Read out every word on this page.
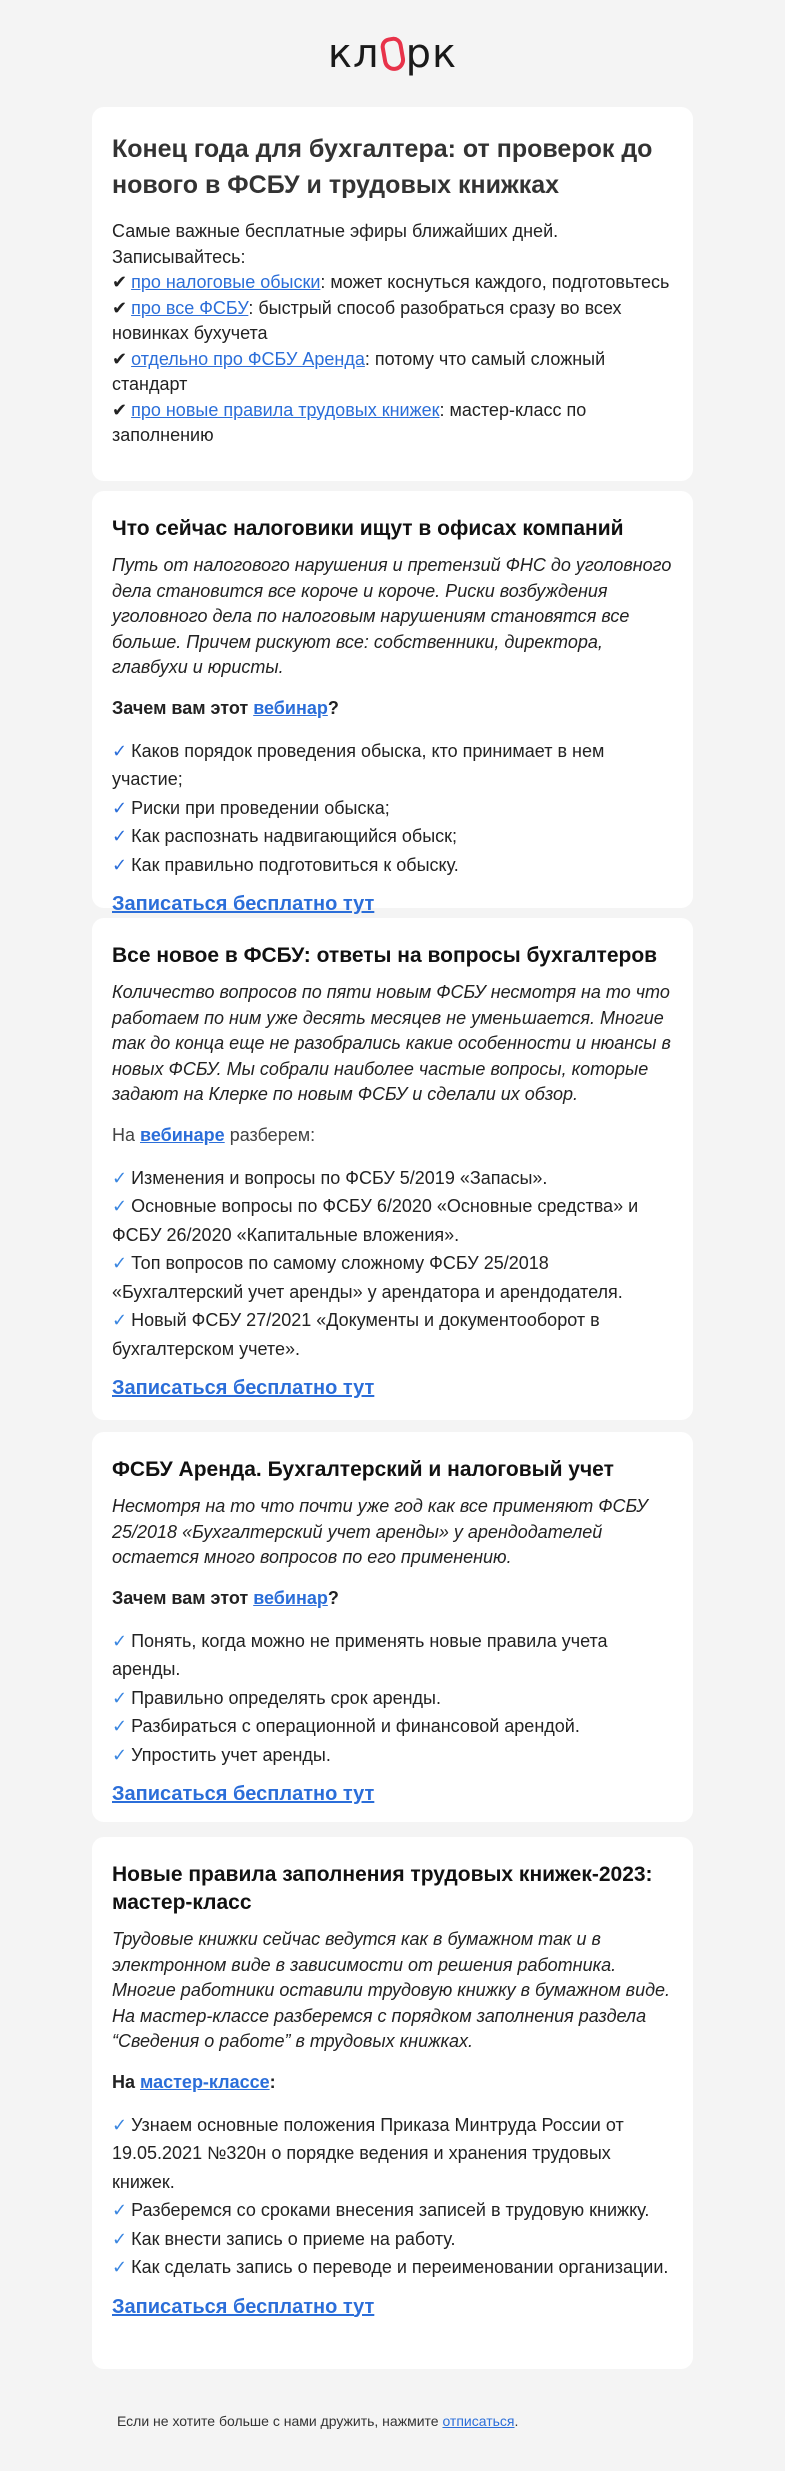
кл рк
Конец года для бухгалтера: от проверок до нового в ФСБУ и трудовых книжках
Самые важные бесплатные эфиры ближайших дней. Записывайтесь:
✔ про налоговые обыски: может коснуться каждого, подготовьтесь
✔ про все ФСБУ: быстрый способ разобраться сразу во всех новинках бухучета
✔ отдельно про ФСБУ Аренда: потому что самый сложный стандарт
✔ про новые правила трудовых книжек: мастер-класс по заполнению
Что сейчас налоговики ищут в офисах компаний
Путь от налогового нарушения и претензий ФНС до уголовного дела становится все короче и короче. Риски возбуждения уголовного дела по налоговым нарушениям становятся все больше. Причем рискуют все: собственники, директора, главбухи и юристы.
Зачем вам этот вебинар?
✓ Каков порядок проведения обыска, кто принимает в нем участие;
✓ Риски при проведении обыска;
✓ Как распознать надвигающийся обыск;
✓ Как правильно подготовиться к обыску.
Записаться бесплатно тут
Все новое в ФСБУ: ответы на вопросы бухгалтеров
Количество вопросов по пяти новым ФСБУ несмотря на то что работаем по ним уже десять месяцев не уменьшается. Многие так до конца еще не разобрались какие особенности и нюансы в новых ФСБУ. Мы собрали наиболее частые вопросы, которые задают на Клерке по новым ФСБУ и сделали их обзор.
На вебинаре разберем:
✓ Изменения и вопросы по ФСБУ 5/2019 «Запасы».
✓ Основные вопросы по ФСБУ 6/2020 «Основные средства» и ФСБУ 26/2020 «Капитальные вложения».
✓ Топ вопросов по самому сложному ФСБУ 25/2018 «Бухгалтерский учет аренды» у арендатора и арендодателя.
✓ Новый ФСБУ 27/2021 «Документы и документооборот в бухгалтерском учете».
Записаться бесплатно тут
ФСБУ Аренда. Бухгалтерский и налоговый учет
Несмотря на то что почти уже год как все применяют ФСБУ 25/2018 «Бухгалтерский учет аренды» у арендодателей остается много вопросов по его применению.
Зачем вам этот вебинар?
✓ Понять, когда можно не применять новые правила учета аренды.
✓ Правильно определять срок аренды.
✓ Разбираться с операционной и финансовой арендой.
✓ Упростить учет аренды.
Записаться бесплатно тут
Новые правила заполнения трудовых книжек-2023: мастер-класс
Трудовые книжки сейчас ведутся как в бумажном так и в электронном виде в зависимости от решения работника. Многие работники оставили трудовую книжку в бумажном виде. На мастер-классе разберемся с порядком заполнения раздела “Сведения о работе” в трудовых книжках.
На мастер-классе:
✓ Узнаем основные положения Приказа Минтруда России от 19.05.2021 №320н о порядке ведения и хранения трудовых книжек.
✓ Разберемся со сроками внесения записей в трудовую книжку.
✓ Как внести запись о приеме на работу.
✓ Как сделать запись о переводе и переименовании организации.
Записаться бесплатно тут
Если не хотите больше с нами дружить, нажмите отписаться.
